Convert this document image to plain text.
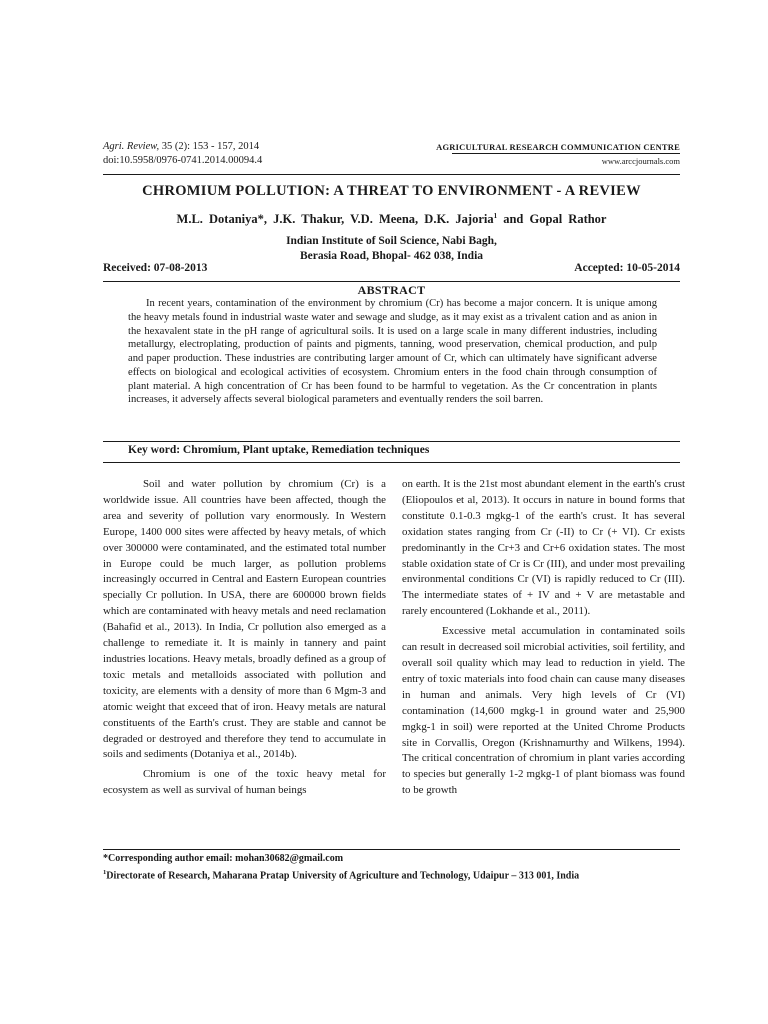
Agri. Review, 35 (2): 153 - 157, 2014
doi:10.5958/0976-0741.2014.00094.4
AGRICULTURAL RESEARCH COMMUNICATION CENTRE
www.arccjournals.com
CHROMIUM POLLUTION: A THREAT TO ENVIRONMENT - A REVIEW
M.L. Dotaniya*, J.K. Thakur, V.D. Meena, D.K. Jajoria$^1$ and Gopal Rathor
Indian Institute of Soil Science, Nabi Bagh,
Berasia Road, Bhopal- 462 038, India
Received: 07-08-2013	Accepted: 10-05-2014
ABSTRACT
In recent years, contamination of the environment by chromium (Cr) has become a major concern. It is unique among the heavy metals found in industrial waste water and sewage and sludge, as it may exist as a trivalent cation and as anion in the hexavalent state in the pH range of agricultural soils. It is used on a large scale in many different industries, including metallurgy, electroplating, production of paints and pigments, tanning, wood preservation, chemical production, and pulp and paper production. These industries are contributing larger amount of Cr, which can ultimately have significant adverse effects on biological and ecological activities of ecosystem. Chromium enters in the food chain through consumption of plant material. A high concentration of Cr has been found to be harmful to vegetation. As the Cr concentration in plants increases, it adversely affects several biological parameters and eventually renders the soil barren.
Key word: Chromium, Plant uptake, Remediation techniques

Soil and water pollution by chromium (Cr) is a worldwide issue. All countries have been affected, though the area and severity of pollution vary enormously. In Western Europe, 1400 000 sites were affected by heavy metals, of which over 300000 were contaminated, and the estimated total number in Europe could be much larger, as pollution problems increasingly occurred in Central and Eastern European countries specially Cr pollution. In USA, there are 600000 brown fields which are contaminated with heavy metals and need reclamation (Bahafid et al., 2013). In India, Cr pollution also emerged as a challenge to remediate it. It is mainly in tannery and paint industries locations. Heavy metals, broadly defined as a group of toxic metals and metalloids associated with pollution and toxicity, are elements with a density of more than 6 Mgm-3 and atomic weight that exceed that of iron. Heavy metals are natural constituents of the Earth's crust. They are stable and cannot be degraded or destroyed and therefore they tend to accumulate in soils and sediments (Dotaniya et al., 2014b).

Chromium is one of the toxic heavy metal for ecosystem as well as survival of human beings

on earth. It is the 21st most abundant element in the earth's crust (Eliopoulos et al, 2013). It occurs in nature in bound forms that constitute 0.1-0.3 mgkg-1 of the earth's crust. It has several oxidation states ranging from Cr (-II) to Cr (+ VI). Cr exists predominantly in the Cr+3 and Cr+6 oxidation states. The most stable oxidation state of Cr is Cr (III), and under most prevailing environmental conditions Cr (VI) is rapidly reduced to Cr (III). The intermediate states of + IV and + V are metastable and rarely encountered (Lokhande et al., 2011).

Excessive metal accumulation in contaminated soils can result in decreased soil microbial activities, soil fertility, and overall soil quality which may lead to reduction in yield. The entry of toxic materials into food chain can cause many diseases in human and animals. Very high levels of Cr (VI) contamination (14,600 mgkg-1 in ground water and 25,900 mgkg-1 in soil) were reported at the United Chrome Products site in Corvallis, Oregon (Krishnamurthy and Wilkens, 1994). The critical concentration of chromium in plant varies according to species but generally 1-2 mgkg-1 of plant biomass was found to be growth

*Corresponding author email: mohan30682@gmail.com
$^1$Directorate of Research, Maharana Pratap University of Agriculture and Technology, Udaipur – 313 001, India
